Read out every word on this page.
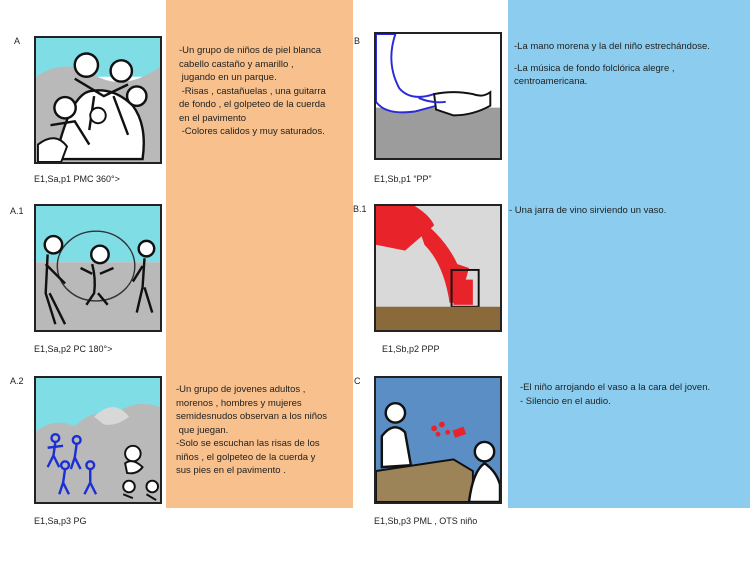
A
E1,Sa,p1 PMC 360°>
A.1
E1,Sa,p2 PC 180°>
A.2
E1,Sa,p3 PG
-Un grupo de niños de piel blanca
cabello castaño y amarillo ,
jugando en un parque.
-Risas , castañuelas , una guitarra
de fondo , el golpeteo de la cuerda
en el pavimento
-Colores calidos y muy saturados.
-Un grupo de jovenes adultos ,
morenos , hombres y mujeres
semidesnudos observan a los niños
que juegan.
-Solo se escuchan las risas de los
niños , el golpeteo de la cuerda y
sus pies en el pavimento .
B
E1,Sb,p1 “PP”
B.1
E1,Sb,p2 PPP
C
E1,Sb,p3 PML , OTS niño
-La mano morena y la del niño estrechándose.
-La música de fondo folclórica alegre ,
centroamericana.
- Una jarra de vino sirviendo un vaso.
-El niño arrojando el vaso a la cara del joven.
- Silencio en el audio.
